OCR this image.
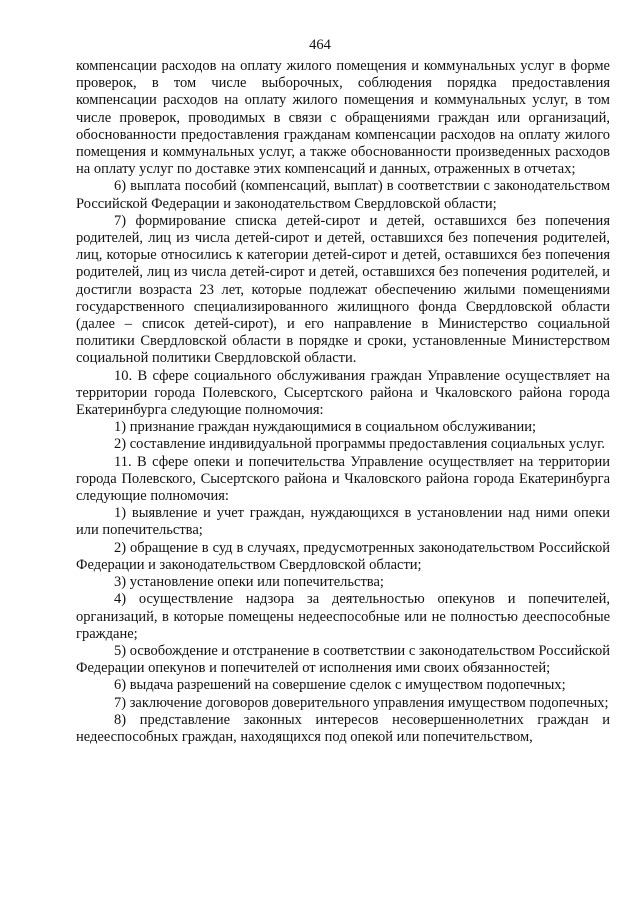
464

компенсации расходов на оплату жилого помещения и коммунальных услуг в форме проверок, в том числе выборочных, соблюдения порядка предоставления компенсации расходов на оплату жилого помещения и коммунальных услуг, в том числе проверок, проводимых в связи с обращениями граждан или организаций, обоснованности предоставления гражданам компенсации расходов на оплату жилого помещения и коммунальных услуг, а также обоснованности произведенных расходов на оплату услуг по доставке этих компенсаций и данных, отраженных в отчетах;

6) выплата пособий (компенсаций, выплат) в соответствии с законодательством Российской Федерации и законодательством Свердловской области;

7) формирование списка детей-сирот и детей, оставшихся без попечения родителей, лиц из числа детей-сирот и детей, оставшихся без попечения родителей, лиц, которые относились к категории детей-сирот и детей, оставшихся без попечения родителей, лиц из числа детей-сирот и детей, оставшихся без попечения родителей, и достигли возраста 23 лет, которые подлежат обеспечению жилыми помещениями государственного специализированного жилищного фонда Свердловской области (далее – список детей-сирот), и его направление в Министерство социальной политики Свердловской области в порядке и сроки, установленные Министерством социальной политики Свердловской области.

10. В сфере социального обслуживания граждан Управление осуществляет на территории города Полевского, Сысертского района и Чкаловского района города Екатеринбурга следующие полномочия:

1) признание граждан нуждающимися в социальном обслуживании;

2) составление индивидуальной программы предоставления социальных услуг.

11. В сфере опеки и попечительства Управление осуществляет на территории города Полевского, Сысертского района и Чкаловского района города Екатеринбурга следующие полномочия:

1) выявление и учет граждан, нуждающихся в установлении над ними опеки или попечительства;

2) обращение в суд в случаях, предусмотренных законодательством Российской Федерации и законодательством Свердловской области;

3) установление опеки или попечительства;

4) осуществление надзора за деятельностью опекунов и попечителей, организаций, в которые помещены недееспособные или не полностью дееспособные граждане;

5) освобождение и отстранение в соответствии с законодательством Российской Федерации опекунов и попечителей от исполнения ими своих обязанностей;

6) выдача разрешений на совершение сделок с имуществом подопечных;

7) заключение договоров доверительного управления имуществом подопечных;

8) представление законных интересов несовершеннолетних граждан и недееспособных граждан, находящихся под опекой или попечительством,
